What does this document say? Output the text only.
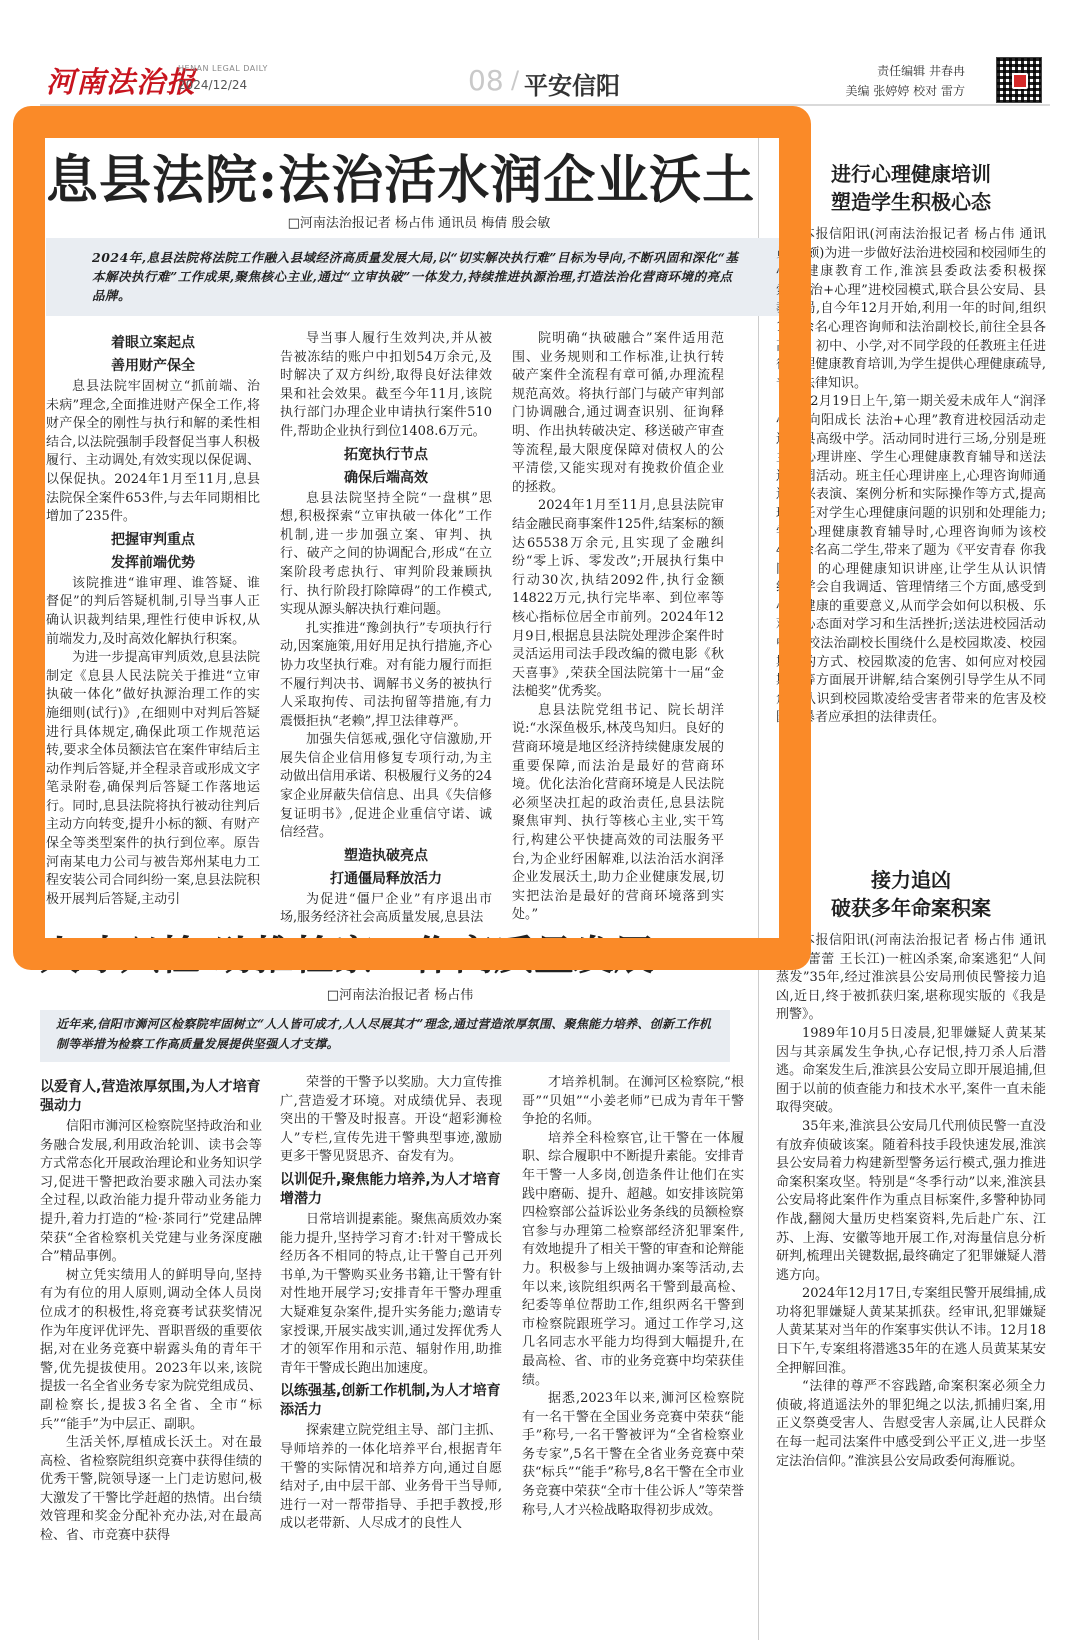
河南法治报
HENAN LEGAL DAILY
2024/12/24	08 / 平安信阳
责任编辑 井春冉
美编 张婷婷 校对 雷方
息县法院:法治活水润企业沃土
□河南法治报记者 杨占伟 通讯员 梅倩 殷会敏
2024年,息县法院将法院工作融入县域经济高质量发展大局,以“切实解决执行难”目标为导向,不断巩固和深化“基本解决执行难”工作成果,聚焦核心主业,通过“立审执破”一体发力,持续推进执源治理,打造法治化营商环境的亮点品牌。
着眼立案起点
善用财产保全

息县法院牢固树立“抓前端、治未病”理念,全面推进财产保全工作,将财产保全的刚性与执行和解的柔性相结合,以法院强制手段督促当事人积极履行、主动调处,有效实现以保促调、以保促执。2024年1月至11月,息县法院保全案件653件,与去年同期相比增加了235件。

把握审判重点
发挥前端优势

该院推进“谁审理、谁答疑、谁督促”的判后答疑机制,引导当事人正确认识裁判结果,理性行使申诉权,从前端发力,及时高效化解执行积案。

为进一步提高审判质效,息县法院制定《息县人民法院关于推进“立审执破一体化”做好执源治理工作的实施细则(试行)》,在细则中对判后答疑进行具体规定,确保此项工作规范运转,要求全体员额法官在案件审结后主动作判后答疑,并全程录音或形成文字笔录附卷,确保判后答疑工作落地运行。同时,息县法院将执行被动往判后主动方向转变,提升小标的额、有财产保全等类型案件的执行到位率。原告河南某电力公司与被告郑州某电力工程安装公司合同纠纷一案,息县法院积极开展判后答疑,主动引

导当事人履行生效判决,并从被告被冻结的账户中扣划54万余元,及时解决了双方纠纷,取得良好法律效果和社会效果。截至今年11月,该院执行部门办理企业申请执行案件510件,帮助企业执行到位1408.6万元。

拓宽执行节点
确保后端高效

息县法院坚持全院“一盘棋”思想,积极探索“立审执破一体化”工作机制,进一步加强立案、审判、执行、破产之间的协调配合,形成“在立案阶段考虑执行、审判阶段兼顾执行、执行阶段打除障碍”的工作模式,实现从源头解决执行难问题。

扎实推进“豫剑执行”专项执行行动,因案施策,用好用足执行措施,齐心协力攻坚执行难。对有能力履行而拒不履行判决书、调解书义务的被执行人采取拘传、司法拘留等措施,有力震慑拒执“老赖”,捍卫法律尊严。

加强失信惩戒,强化守信激励,开展失信企业信用修复专项行动,为主动做出信用承诺、积极履行义务的24家企业屏蔽失信信息、出具《失信修复证明书》,促进企业重信守诺、诚信经营。

塑造执破亮点
打通僵局释放活力

为促进“僵尸企业”有序退出市场,服务经济社会高质量发展,息县法

院明确“执破融合”案件适用范围、业务规则和工作标准,让执行转破产案件全流程有章可循,办理流程规范高效。将执行部门与破产审判部门协调融合,通过调查识别、征询释明、作出执转破决定、移送破产审查等流程,最大限度保障对债权人的公平清偿,又能实现对有挽救价值企业的拯救。

2024年1月至11月,息县法院审结金融民商事案件125件,结案标的额达65538万余元,且实现了金融纠纷“零上诉、零发改”;开展执行集中行动30次,执结2092件,执行金额14822万元,执行完毕率、到位率等核心指标位居全市前列。2024年12月9日,根据息县法院处理涉企案件时灵活运用司法手段改编的微电影《秋天喜事》,荣获全国法院第十一届“金法槌奖”优秀奖。

息县法院党组书记、院长胡洋说:“水深鱼极乐,林茂鸟知归。良好的营商环境是地区经济持续健康发展的重要保障,而法治是最好的营商环境。优化法治化营商环境是人民法院必须坚决扛起的政治责任,息县法院聚焦审判、执行等核心主业,实干笃行,构建公平快捷高效的司法服务平台,为企业纾困解难,以法治活水润泽企业发展沃土,助力企业健康发展,切实把法治是最好的营商环境落到实处。”

进行心理健康培训
塑造学生积极心态

本报信阳讯(河南法治报记者 杨占伟 通讯员 吴颇)为进一步做好法治进校园和校园师生的心理健康教育工作,淮滨县委政法委积极探索“法治+心理”进校园模式,联合县公安局、县教体局,自今年12月开始,利用一年的时间,组织100余名心理咨询师和法治副校长,前往全县各高中、初中、小学,对不同学段的任教班主任进行心理健康教育培训,为学生提供心理健康疏导,普及法律知识。

12月19日上午,第一期关爱未成年人“润泽心灵 向阳成长 法治+心理”教育进校园活动走进该县高级中学。活动同时进行三场,分别是班主任心理讲座、学生心理健康教育辅导和送法进校园活动。班主任心理讲座上,心理咨询师通过即兴表演、案例分析和实际操作等方式,提高班主任对学生心理健康问题的识别和处理能力;学生心理健康教育辅导时,心理咨询师为该校450余名高二学生,带来了题为《平安青春 你我同行》的心理健康知识讲座,让学生从认识情绪、学会自我调适、管理情绪三个方面,感受到心理健康的重要意义,从而学会如何以积极、乐观的心态面对学习和生活挫折;送法进校园活动中,该校法治副校长围绕什么是校园欺凌、校园欺凌的方式、校园欺凌的危害、如何应对校园欺凌等方面展开讲解,结合案例引导学生从不同角度认识到校园欺凌给受害者带来的危害及校园施暴者应承担的法律责任。

接力追凶
破获多年命案积案

本报信阳讯(河南法治报记者 杨占伟 通讯员 姜蕾蕾 王长江)一桩凶杀案,命案逃犯“人间蒸发”35年,经过淮滨县公安局刑侦民警接力追凶,近日,终于被抓获归案,堪称现实版的《我是刑警》。

1989年10月5日凌晨,犯罪嫌疑人黄某某因与其亲属发生争执,心存记恨,持刀杀人后潜逃。命案发生后,淮滨县公安局立即开展追捕,但囿于以前的侦查能力和技术水平,案件一直未能取得突破。

35年来,淮滨县公安局几代刑侦民警一直没有放弃侦破该案。随着科技手段快速发展,淮滨县公安局着力构建新型警务运行模式,强力推进命案积案攻坚。特别是“冬季行动”以来,淮滨县公安局将此案件作为重点目标案件,多警种协同作战,翻阅大量历史档案资料,先后赴广东、江苏、上海、安徽等地开展工作,对海量信息分析研判,梳理出关键数据,最终确定了犯罪嫌疑人潜逃方向。

2024年12月17日,专案组民警开展缉捕,成功将犯罪嫌疑人黄某某抓获。经审讯,犯罪嫌疑人黄某某对当年的作案事实供认不讳。12月18日下午,专案组将潜逃35年的在逃人员黄某某安全押解回淮。

“法律的尊严不容践踏,命案积案必须全力侦破,将逍遥法外的罪犯绳之以法,抓捕归案,用正义祭奠受害人、告慰受害人亲属,让人民群众在每一起司法案件中感受到公平正义,进一步坚定法治信仰。”淮滨县公安局政委何海雁说。

人才兴检 助推检察工作高质量发展
□河南法治报记者 杨占伟
近年来,信阳市浉河区检察院牢固树立“人人皆可成才,人人尽展其才”理念,通过营造浓厚氛围、聚焦能力培养、创新工作机制等举措为检察工作高质量发展提供坚强人才支撑。
以爱育人,营造浓厚氛围,为人才培育强动力

信阳市浉河区检察院坚持政治和业务融合发展,利用政治轮训、读书会等方式常态化开展政治理论和业务知识学习,促进干警把政治要求融入司法办案全过程,以政治能力提升带动业务能力提升,着力打造的“检·茶同行”党建品牌荣获“全省检察机关党建与业务深度融合”精品事例。

树立凭实绩用人的鲜明导向,坚持有为有位的用人原则,调动全体人员岗位成才的积极性,将竞赛考试获奖情况作为年度评优评先、晋职晋级的重要依据,对在业务竞赛中崭露头角的青年干警,优先提拔使用。2023年以来,该院提拔一名全省业务专家为院党组成员、副检察长,提拔3名全省、全市“标兵”“能手”为中层正、副职。

生活关怀,厚植成长沃土。对在最高检、省检察院组织竞赛中获得佳绩的优秀干警,院领导逐一上门走访慰问,极大激发了干警比学赶超的热情。出台绩效管理和奖金分配补充办法,对在最高检、省、市竞赛中获得

荣誉的干警予以奖励。大力宣传推广,营造爱才环境。对成绩优异、表现突出的干警及时报喜。开设“超彩浉检人”专栏,宣传先进干警典型事迹,激励更多干警见贤思齐、奋发有为。

以训促升,聚焦能力培养,为人才培育增潜力

日常培训提素能。聚焦高质效办案能力提升,坚持学习育才:针对干警成长经历各不相同的特点,让干警自己开列书单,为干警购买业务书籍,让干警有针对性地开展学习;安排青年干警办理重大疑难复杂案件,提升实务能力;邀请专家授课,开展实战实训,通过发挥优秀人才的领军作用和示范、辐射作用,助推青年干警成长跑出加速度。

以练强基,创新工作机制,为人才培育添活力

探索建立院党组主导、部门主抓、导师培养的一体化培养平台,根据青年干警的实际情况和培养方向,通过自愿结对子,由中层干部、业务骨干当导师,进行一对一帮带指导、手把手教授,形成以老带新、人尽成才的良性人

才培养机制。在浉河区检察院,“根哥”“贝姐”“小姜老师”已成为青年干警争抢的名师。

培养全科检察官,让干警在一体履职、综合履职中不断提升素能。安排青年干警一人多岗,创造条件让他们在实践中磨砺、提升、超越。如安排该院第四检察部公益诉讼业务条线的员额检察官参与办理第二检察部经济犯罪案件,有效地提升了相关干警的审查和论辩能力。积极参与上级抽调办案等活动,去年以来,该院组织两名干警到最高检、纪委等单位帮助工作,组织两名干警到市检察院跟班学习。通过工作学习,这几名同志水平能力均得到大幅提升,在最高检、省、市的业务竞赛中均荣获佳绩。

据悉,2023年以来,浉河区检察院有一名干警在全国业务竞赛中荣获“能手”称号,一名干警被评为“全省检察业务专家”,5名干警在全省业务竞赛中荣获“标兵”“能手”称号,8名干警在全市业务竞赛中荣获“全市十佳公诉人”等荣誉称号,人才兴检战略取得初步成效。
